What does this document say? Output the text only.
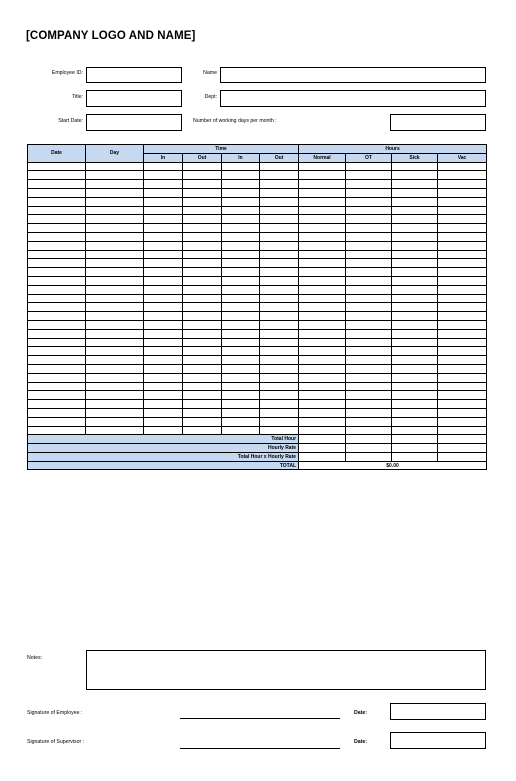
[COMPANY LOGO AND NAME]
Employee ID:	Name
Title:	Dept:
Start Date:	Number of working days per month :
Date	Day	Time				Hours			
		In	Out	In	Out	Normal	OT	Sick	Vac

Total Hour									
Hourly Rate									
Total Hour x Hourly Rate									
TOTAL						$0.00			
Notes:
Signature of Employee :	Date:
Signature of Supervisor :	Date:
